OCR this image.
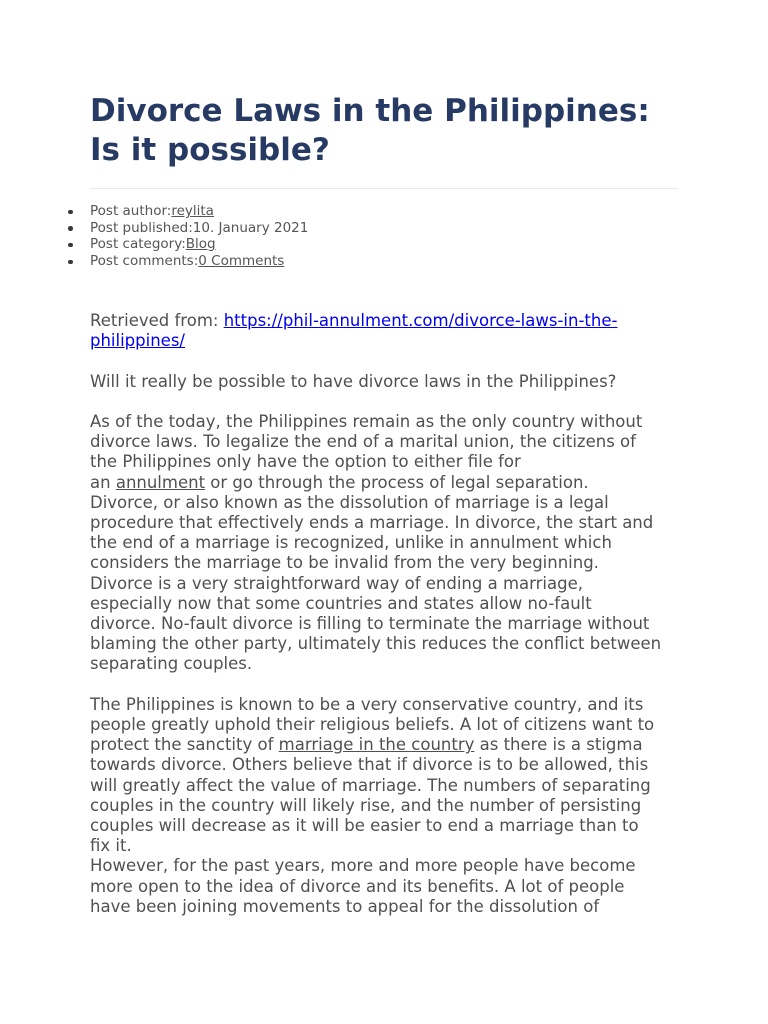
Divorce Laws in the Philippines: Is it possible?
Post author:reylita
Post published:10. January 2021
Post category:Blog
Post comments:0 Comments

Retrieved from: https://phil-annulment.com/divorce-laws-in-the-
philippines/

Will it really be possible to have divorce laws in the Philippines?

As of the today, the Philippines remain as the only country without
divorce laws. To legalize the end of a marital union, the citizens of
the Philippines only have the option to either file for
an annulment or go through the process of legal separation.
Divorce, or also known as the dissolution of marriage is a legal
procedure that effectively ends a marriage. In divorce, the start and
the end of a marriage is recognized, unlike in annulment which
considers the marriage to be invalid from the very beginning.
Divorce is a very straightforward way of ending a marriage,
especially now that some countries and states allow no-fault
divorce. No-fault divorce is filling to terminate the marriage without
blaming the other party, ultimately this reduces the conflict between
separating couples.

The Philippines is known to be a very conservative country, and its
people greatly uphold their religious beliefs. A lot of citizens want to
protect the sanctity of marriage in the country as there is a stigma
towards divorce. Others believe that if divorce is to be allowed, this
will greatly affect the value of marriage. The numbers of separating
couples in the country will likely rise, and the number of persisting
couples will decrease as it will be easier to end a marriage than to
fix it.

However, for the past years, more and more people have become
more open to the idea of divorce and its benefits. A lot of people
have been joining movements to appeal for the dissolution of
